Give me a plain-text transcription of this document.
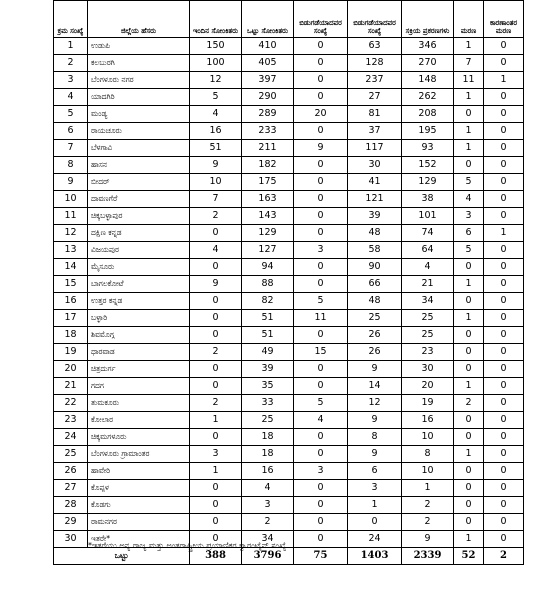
ಕ್ರಮ ಸಂಖ್ಯೆ	ಜಿಲ್ಲೆಯ ಹೆಸರು	ಇಂದಿನ ಸೋಂಕಿತರು	ಒಟ್ಟು ಸೋಂಕಿತರು	ಬಿಡುಗಡೆಯಾದವರ ಸಂಖ್ಯೆ	ಬಿಡುಗಡೆಯಾದವರ ಸಂಖ್ಯೆ	ಸಕ್ರಿಯ ಪ್ರಕರಣಗಳು	ಮರಣ	ಕಾರಣಾಂತರ ಮರಣ
1	ಉಡುಪಿ	150	410	0	63	346	1	0
2	ಕಲಬುರಗಿ	100	405	0	128	270	7	0
3	ಬೆಂಗಳೂರು ನಗರ	12	397	0	237	148	11	1
4	ಯಾದಗಿರಿ	5	290	0	27	262	1	0
5	ಮಂಡ್ಯ	4	289	20	81	208	0	0
6	ರಾಯಚೂರು	16	233	0	37	195	1	0
7	ಬೆಳಗಾವಿ	51	211	9	117	93	1	0
8	ಹಾಸನ	9	182	0	30	152	0	0
9	ಬೀದರ್	10	175	0	41	129	5	0
10	ದಾವಣಗೆರೆ	7	163	0	121	38	4	0
11	ಚಿಕ್ಕಬಳ್ಳಾಪುರ	2	143	0	39	101	3	0
12	ದಕ್ಷಿಣ ಕನ್ನಡ	0	129	0	48	74	6	1
13	ವಿಜಯಪುರ	4	127	3	58	64	5	0
14	ಮೈಸೂರು	0	94	0	90	4	0	0
15	ಬಾಗಲಕೋಟೆ	9	88	0	66	21	1	0
16	ಉತ್ತರ ಕನ್ನಡ	0	82	5	48	34	0	0
17	ಬಳ್ಳಾರಿ	0	51	11	25	25	1	0
18	ಶಿವಮೊಗ್ಗ	0	51	0	26	25	0	0
19	ಧಾರವಾಡ	2	49	15	26	23	0	0
20	ಚಿತ್ರದುರ್ಗ	0	39	0	9	30	0	0
21	ಗದಗ	0	35	0	14	20	1	0
22	ತುಮಕೂರು	2	33	5	12	19	2	0
23	ಕೋಲಾರ	1	25	4	9	16	0	0
24	ಚಿಕ್ಕಮಗಳೂರು	0	18	0	8	10	0	0
25	ಬೆಂಗಳೂರು ಗ್ರಾಮಾಂತರ	3	18	0	9	8	1	0
26	ಹಾವೇರಿ	1	16	3	6	10	0	0
27	ಕೊಪ್ಪಳ	0	4	0	3	1	0	0
28	ಕೊಡಗು	0	3	0	1	2	0	0
29	ರಾಮನಗರ	0	2	0	0	2	0	0
30	ಇತರೇ*	0	34	0	24	9	1	0
ಒಟ್ಟು		388	3796	75	1403	2339	52	2
*ಇತರೆಯು ಅನ್ಯ ರಾಜ್ಯ ಮತ್ತು ಅಂತರಾಷ್ಟ್ರೀಯ ಪ್ರಯಾಣಿಕರ ಕ್ವಾರಂಟೈನ್ ಸಂಖ್ಯೆ
